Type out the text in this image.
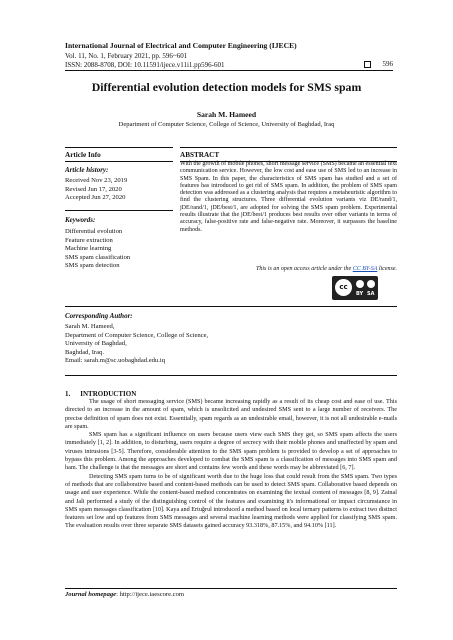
International Journal of Electrical and Computer Engineering (IJECE)
Vol. 11, No. 1, February 2021, pp. 596~601
ISSN: 2088-8708, DOI: 10.11591/ijece.v11i1.pp596-601	596
Differential evolution detection models for SMS spam
Sarah M. Hameed
Department of Computer Science, College of Science, University of Baghdad, Iraq
Article Info	ABSTRACT
Article history:
Received Nov 23, 2019
Revised Jun 17, 2020
Accepted Jun 27, 2020
Keywords:
Differential evolution
Feature extraction
Machine learning
SMS spam classification
SMS spam detection
With the growth of mobile phones, short message service (SMS) became an essential text communication service. However, the low cost and ease use of SMS led to an increase in SMS Spam. In this paper, the characteristics of SMS spam has studied and a set of features has introduced to get rid of SMS spam. In addition, the problem of SMS spam detection was addressed as a clustering analysis that requires a metaheuristic algorithm to find the clustering structures. Three differential evolution variants viz DE/rand/1, jDE/rand/1, jDE/best/1, are adopted for solving the SMS spam problem. Experimental results illustrate that the jDE/best/1 produces best results over other variants in terms of accuracy, false-positive rate and false-negative rate. Moreover, it surpasses the baseline methods.
This is an open access article under the CC BY-SA license.
cc
BY SA
Corresponding Author:
Sarah M. Hameed,
Department of Computer Science, College of Science,
University of Baghdad,
Baghdad, Iraq.
Email: sarah.m@sc.uobaghdad.edu.iq
1. INTRODUCTION

The usage of short messaging service (SMS) became increasing rapidly as a result of its cheap cost and ease of use. This directed to an increase in the amount of spam, which is unsolicited and undesired SMS sent to a large number of receivers. The precise definition of spam does not exist. Essentially, spam regards as an undesirable email, however, it is not all undesirable e-mails are spam.

SMS spam has a significant influence on users because users view each SMS they get, so SMS spam affects the users immediately [1, 2]. In addition, to disturbing, users require a degree of secrecy with their mobile phones and unaffected by spam and viruses intrusions [3-5]. Therefore, considerable attention to the SMS spam problem is provided to develop a set of approaches to bypass this problem. Among the approaches developed to combat the SMS spam is a classification of messages into SMS spam and ham. The challenge is that the messages are short and contains few words and these words may be abbreviated [6, 7].

Detecting SMS spam turns to be of significant worth due to the huge loss that could result from the SMS spam. Two types of methods that are collaborative based and content-based methods can be used to detect SMS spam. Collaborative based depends on usage and user experience. While the content-based method concentrates on examining the textual content of messages [8, 9]. Zainal and Jali performed a study of the distinguishing control of the features and examining it's informational or impact circumstance in SMS spam messages classification [10]. Kaya and Ertuğrul introduced a method based on local ternary patterns to extract two distinct features set low and up features from SMS messages and several machine learning methods were applied for classifying SMS spam. The evaluation results over three separate SMS datasets gained accuracy 93.318%, 87.15%, and 94.10% [11].

Journal homepage: http://ijece.iaescore.com
